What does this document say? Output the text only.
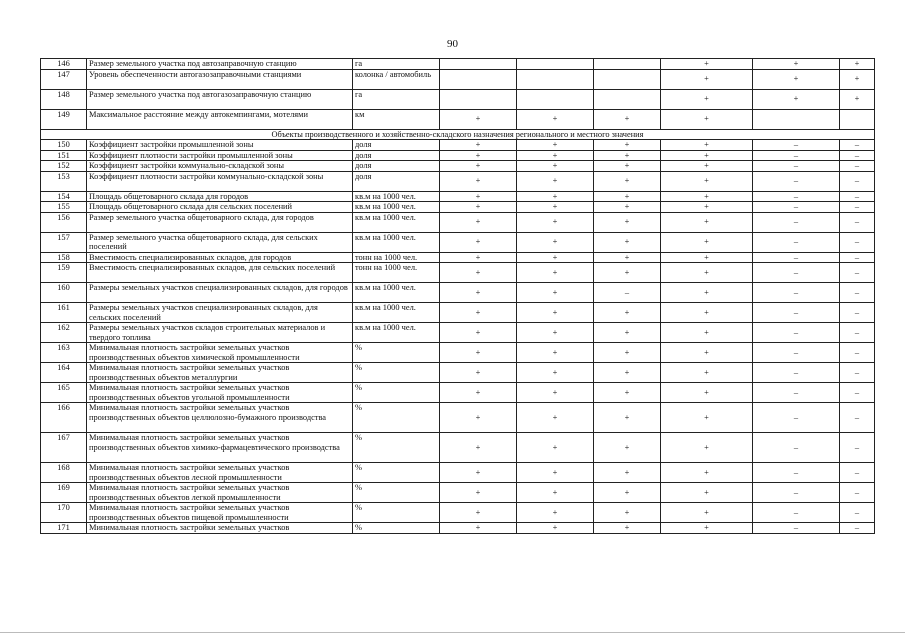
90
146	Размер земельного участка под автозаправочную станцию	га				+	+	+	
147	Уровень обеспеченности автогазозаправочными станциями	колонка / автомобиль				+	+	+	
148	Размер земельного участка под автогазозаправочную станцию	га				+	+	+	
149	Максимальное расстояние между автокемпингами, мотелями	км	+	+	+	+			
Объекты производственного и хозяйственно-складского назначения регионального и местного значения									
150	Коэффициент застройки промышленной зоны	доля	+	+	+	+	–	–	
151	Коэффициент плотности застройки промышленной зоны	доля	+	+	+	+	–	–	
152	Коэффициент застройки коммунально-складской зоны	доля	+	+	+	+	–	–	
153	Коэффициент плотности застройки коммунально-складской зоны	доля	+	+	+	+	–	–	
154	Площадь общетоварного склада для городов	кв.м на 1000 чел.	+	+	+	+	–	–	
155	Площадь общетоварного склада для сельских поселений	кв.м на 1000 чел.	+	+	+	+	–	–	
156	Размер земельного участка общетоварного склада, для городов	кв.м на 1000 чел.	+	+	+	+	–	–	
157	Размер земельного участка общетоварного склада, для сельских поселений	кв.м на 1000 чел.	+	+	+	+	–	–	
158	Вместимость специализированных складов, для городов	тонн на 1000 чел.	+	+	+	+	–	–	
159	Вместимость специализированных складов, для сельских поселений	тонн на 1000 чел.	+	+	+	+	–	–	
160	Размеры земельных участков специализированных складов, для городов	кв.м на 1000 чел.	+	+	–	+	–	–	
161	Размеры земельных участков специализированных складов, для сельских поселений	кв.м на 1000 чел.	+	+	+	+	–	–	
162	Размеры земельных участков складов строительных материалов и твердого топлива	кв.м на 1000 чел.	+	+	+	+	–	–	
163	Минимальная плотность застройки земельных участков производственных объектов химической промышленности	%	+	+	+	+	–	–	
164	Минимальная плотность застройки земельных участков производственных объектов металлургии	%	+	+	+	+	–	–	
165	Минимальная плотность застройки земельных участков производственных объектов угольной промышленности	%	+	+	+	+	–	–	
166	Минимальная плотность застройки земельных участков производственных объектов целлюлозно-бумажного производства	%	+	+	+	+	–	–	
167	Минимальная плотность застройки земельных участков производственных объектов химико-фармацевтического производства	%	+	+	+	+	–	–	
168	Минимальная плотность застройки земельных участков производственных объектов лесной промышленности	%	+	+	+	+	–	–	
169	Минимальная плотность застройки земельных участков производственных объектов легкой промышленности	%	+	+	+	+	–	–	
170	Минимальная плотность застройки земельных участков производственных объектов пищевой промышленности	%	+	+	+	+	–	–	
171	Минимальная плотность застройки земельных участков	%	+	+	+	+	–	–	
